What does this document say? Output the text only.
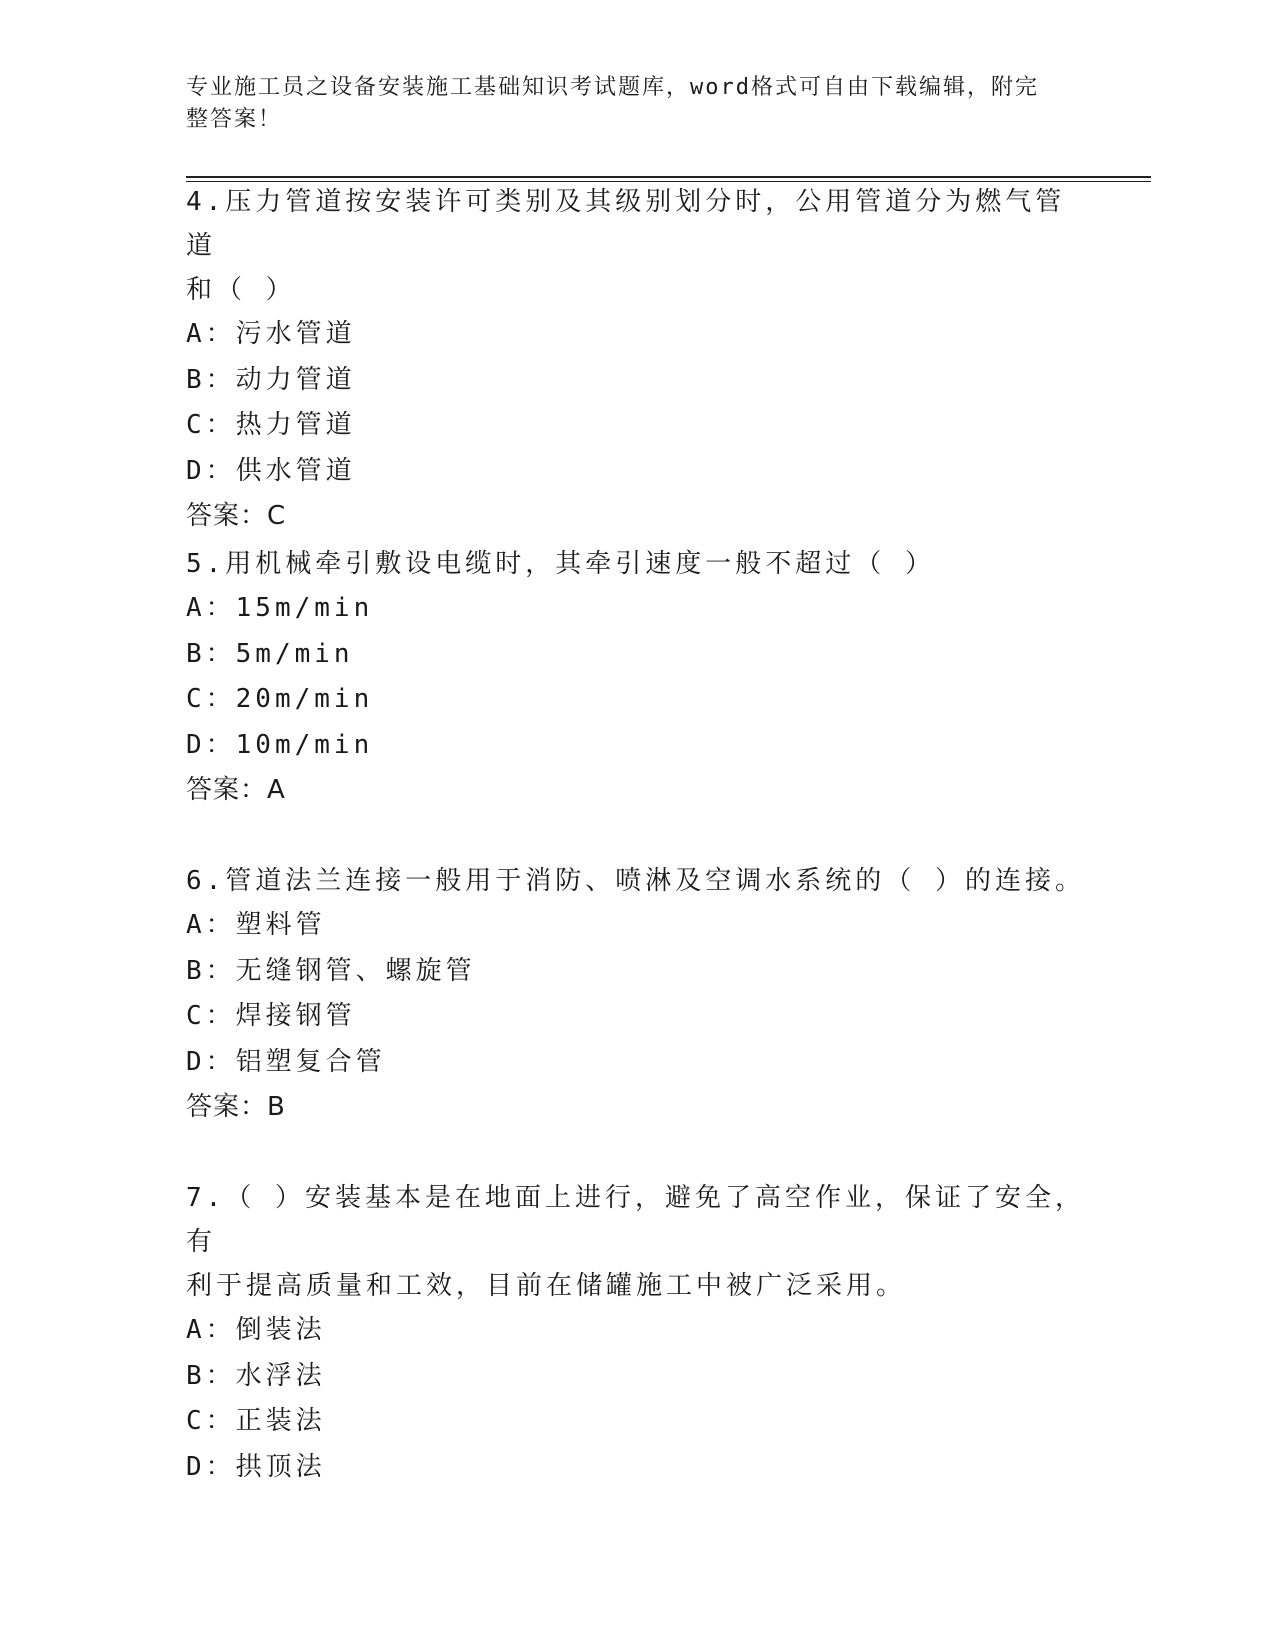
专业施工员之设备安装施工基础知识考试题库，word格式可自由下载编辑，附完
整答案！
4.压力管道按安装许可类别及其级别划分时，公用管道分为燃气管道
和（ ）
A：污水管道
B：动力管道
C：热力管道
D：供水管道
答案：C
5.用机械牵引敷设电缆时，其牵引速度一般不超过（ ）
A：15m/min
B：5m/min
C：20m/min
D：10m/min
答案：A
6.管道法兰连接一般用于消防、喷淋及空调水系统的（ ）的连接。
A：塑料管
B：无缝钢管、螺旋管
C：焊接钢管
D：铝塑复合管
答案：B
7.（ ）安装基本是在地面上进行，避免了高空作业，保证了安全，有
利于提高质量和工效，目前在储罐施工中被广泛采用。
A：倒装法
B：水浮法
C：正装法
D：拱顶法
